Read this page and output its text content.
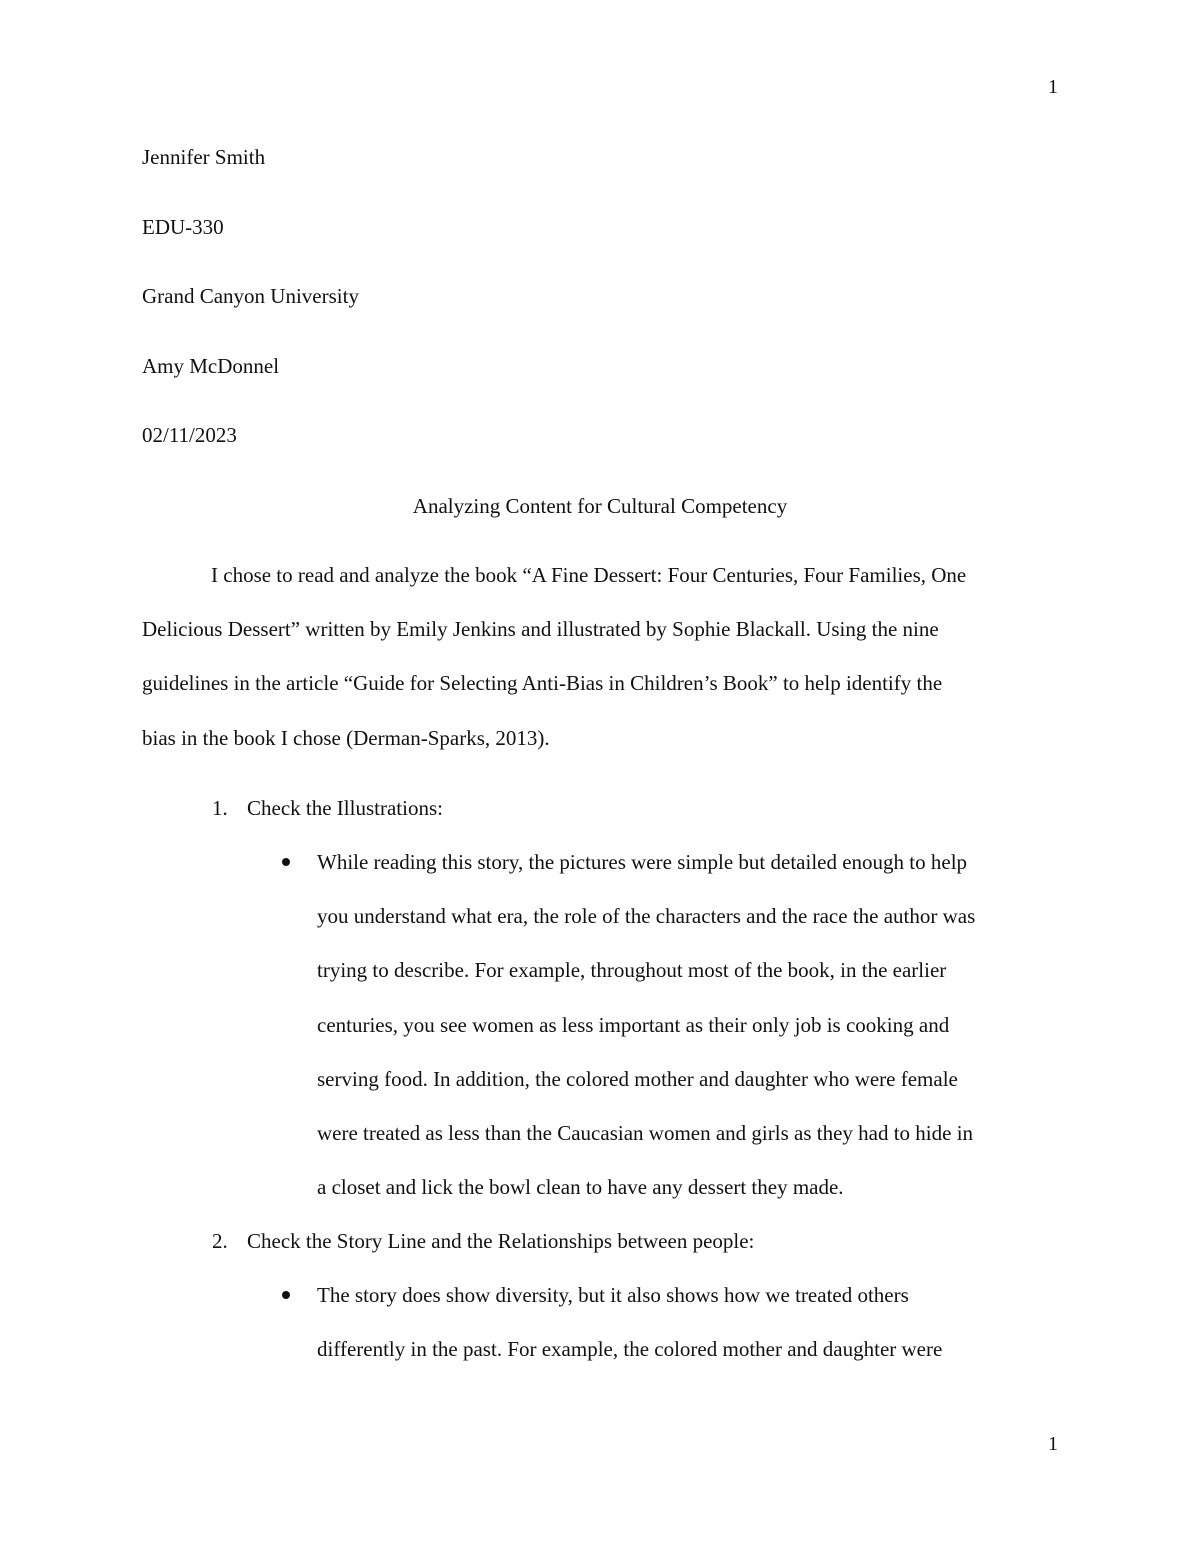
1
Jennifer Smith
EDU-330
Grand Canyon University
Amy McDonnel
02/11/2023
Analyzing Content for Cultural Competency
I chose to read and analyze the book “A Fine Dessert: Four Centuries, Four Families, One
Delicious Dessert” written by Emily Jenkins and illustrated by Sophie Blackall. Using the nine
guidelines in the article “Guide for Selecting Anti-Bias in Children’s Book” to help identify the
bias in the book I chose (Derman-Sparks, 2013).
1. Check the Illustrations:
While reading this story, the pictures were simple but detailed enough to help
you understand what era, the role of the characters and the race the author was
trying to describe. For example, throughout most of the book, in the earlier
centuries, you see women as less important as their only job is cooking and
serving food. In addition, the colored mother and daughter who were female
were treated as less than the Caucasian women and girls as they had to hide in
a closet and lick the bowl clean to have any dessert they made.
2. Check the Story Line and the Relationships between people:
The story does show diversity, but it also shows how we treated others
differently in the past. For example, the colored mother and daughter were
1
